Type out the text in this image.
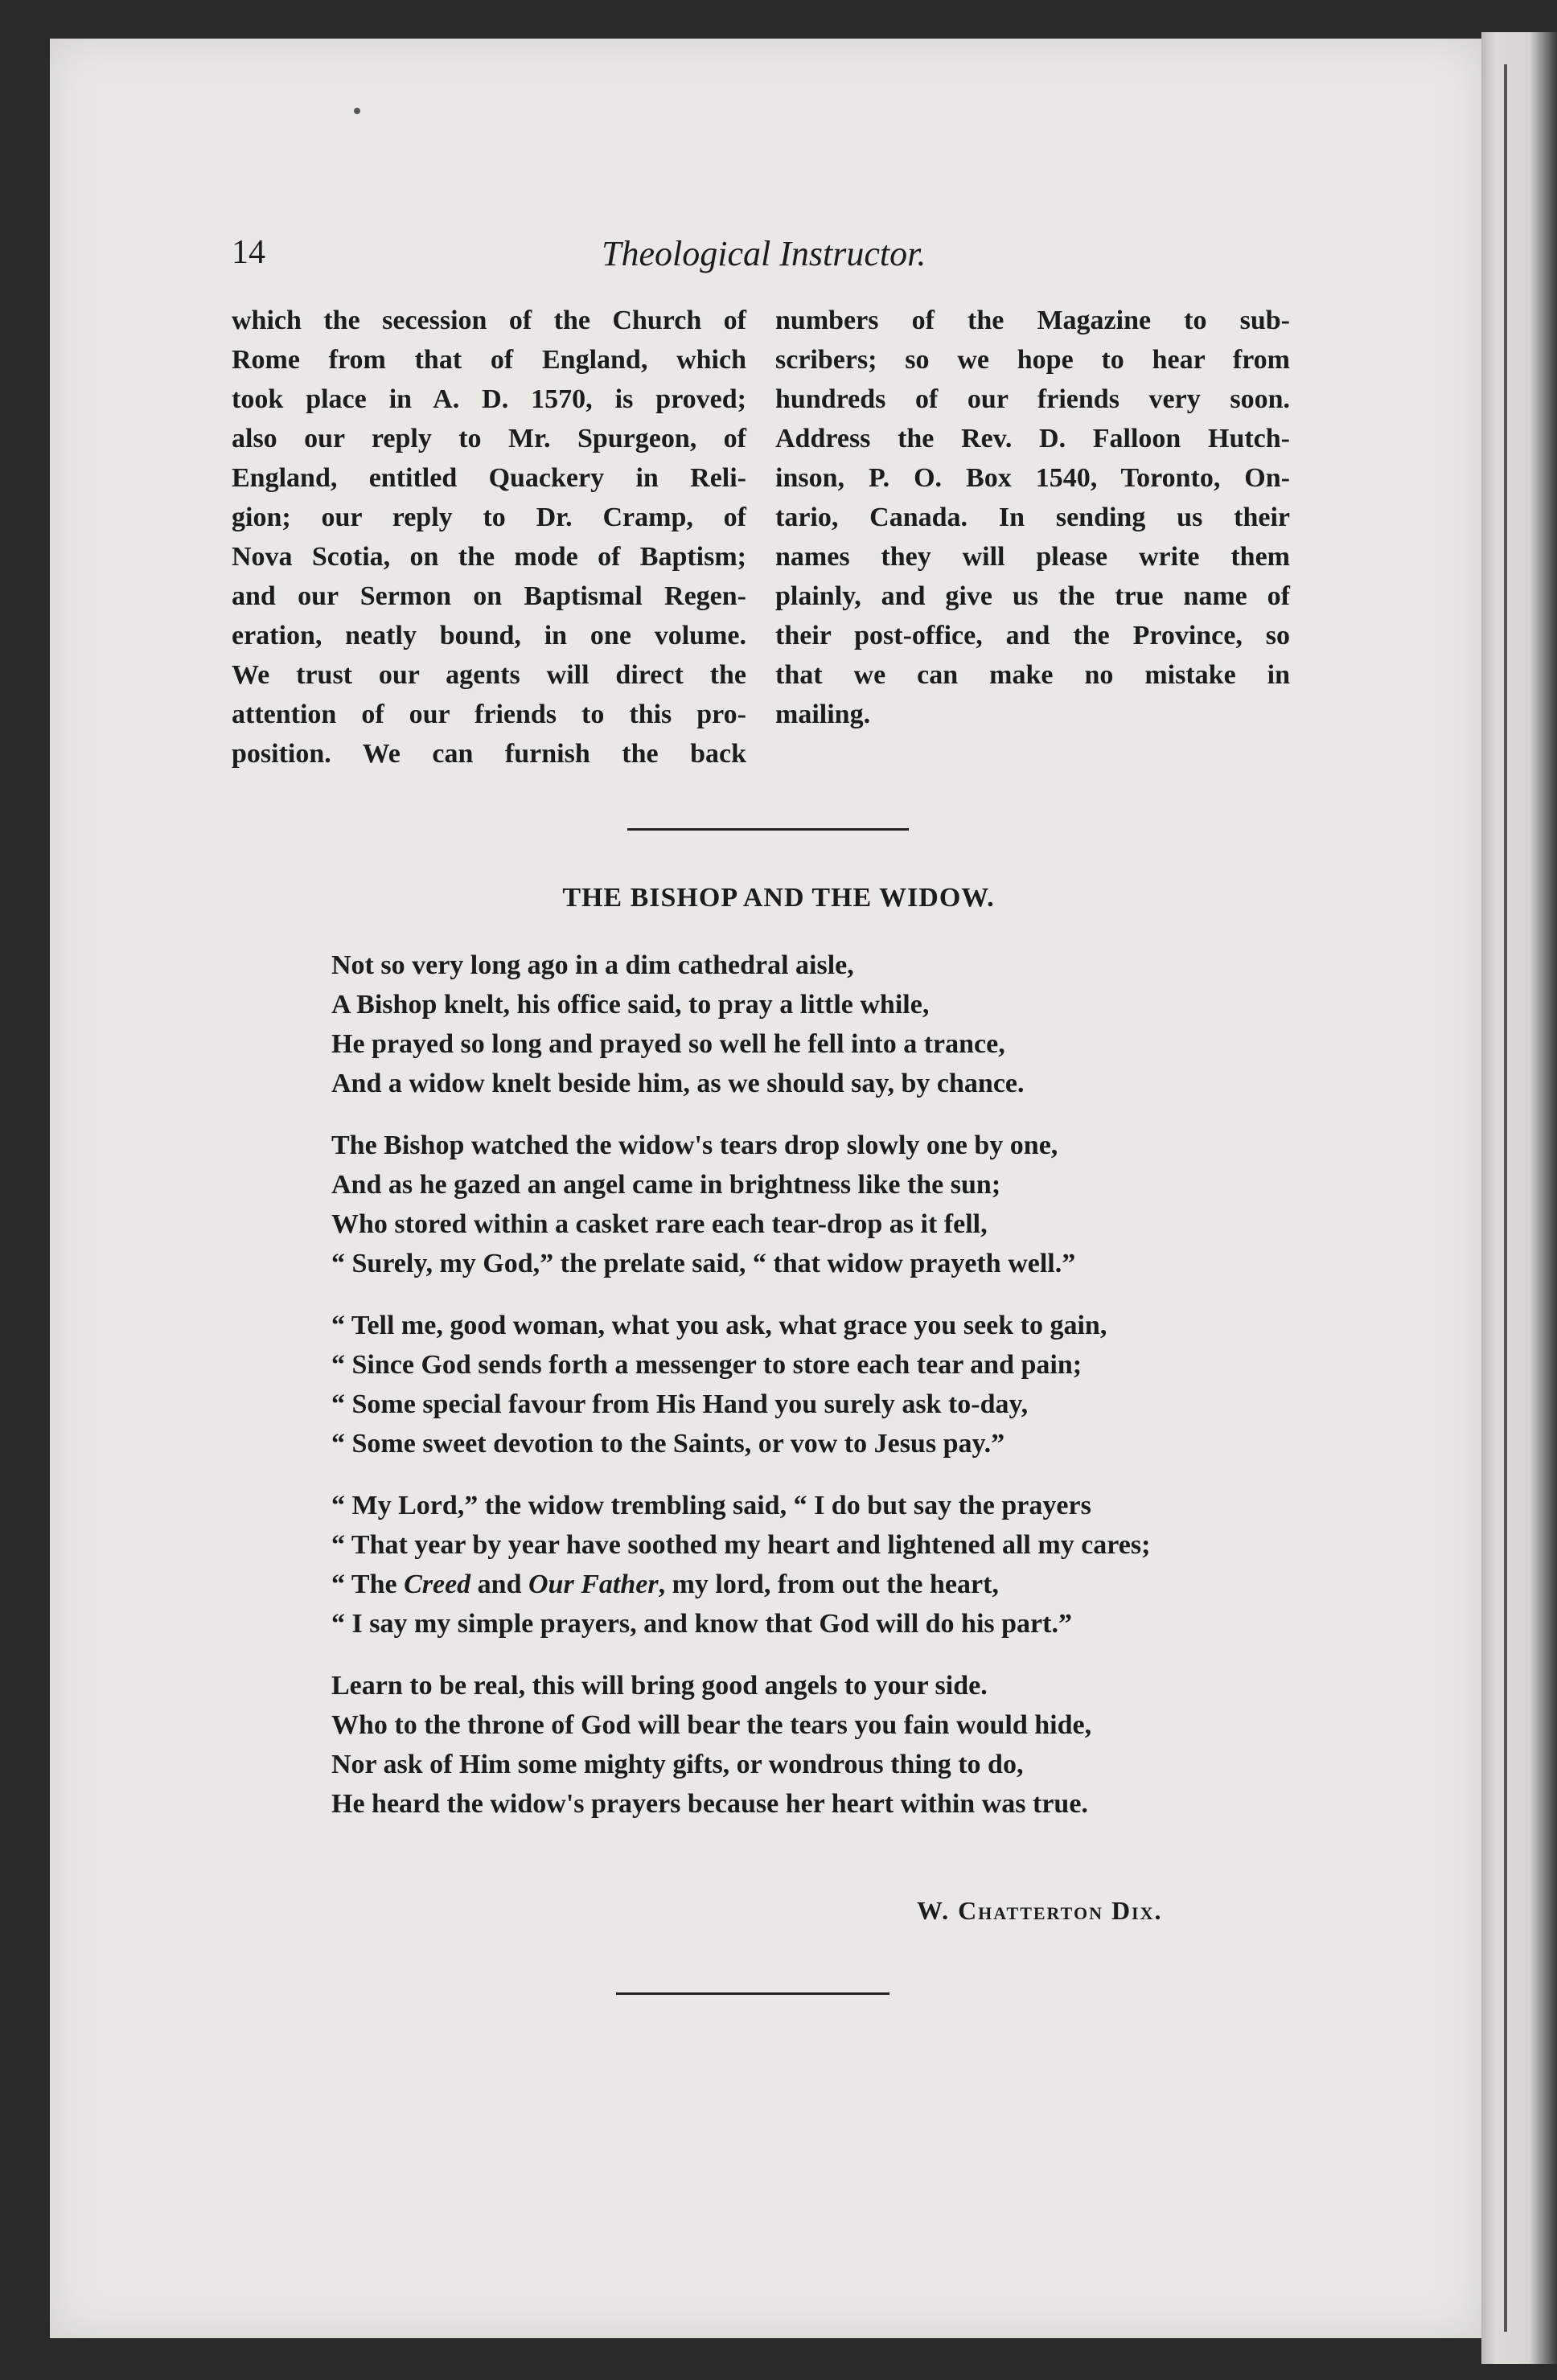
14	Theological Instructor.
which the secession of the Church of
Rome from that of England, which
took place in A. D. 1570, is proved;
also our reply to Mr. Spurgeon, of
England, entitled Quackery in Reli-
gion; our reply to Dr. Cramp, of
Nova Scotia, on the mode of Baptism;
and our Sermon on Baptismal Regen-
eration, neatly bound, in one volume.
We trust our agents will direct the
attention of our friends to this pro-
position. We can furnish the back
numbers of the Magazine to sub-
scribers; so we hope to hear from
hundreds of our friends very soon.
Address the Rev. D. Falloon Hutch-
inson, P. O. Box 1540, Toronto, On-
tario, Canada. In sending us their
names they will please write them
plainly, and give us the true name of
their post-office, and the Province, so
that we can make no mistake in
mailing.
THE BISHOP AND THE WIDOW.
Not so very long ago in a dim cathedral aisle,
A Bishop knelt, his office said, to pray a little while,
He prayed so long and prayed so well he fell into a trance,
And a widow knelt beside him, as we should say, by chance.
The Bishop watched the widow's tears drop slowly one by one,
And as he gazed an angel came in brightness like the sun;
Who stored within a casket rare each tear-drop as it fell,
“ Surely, my God,” the prelate said, “ that widow prayeth well.”
“ Tell me, good woman, what you ask, what grace you seek to gain,
“ Since God sends forth a messenger to store each tear and pain;
“ Some special favour from His Hand you surely ask to-day,
“ Some sweet devotion to the Saints, or vow to Jesus pay.”
“ My Lord,” the widow trembling said, “ I do but say the prayers
“ That year by year have soothed my heart and lightened all my cares;
“ The Creed and Our Father, my lord, from out the heart,
“ I say my simple prayers, and know that God will do his part.”
Learn to be real, this will bring good angels to your side.
Who to the throne of God will bear the tears you fain would hide,
Nor ask of Him some mighty gifts, or wondrous thing to do,
He heard the widow's prayers because her heart within was true.
W. Chatterton Dix.
